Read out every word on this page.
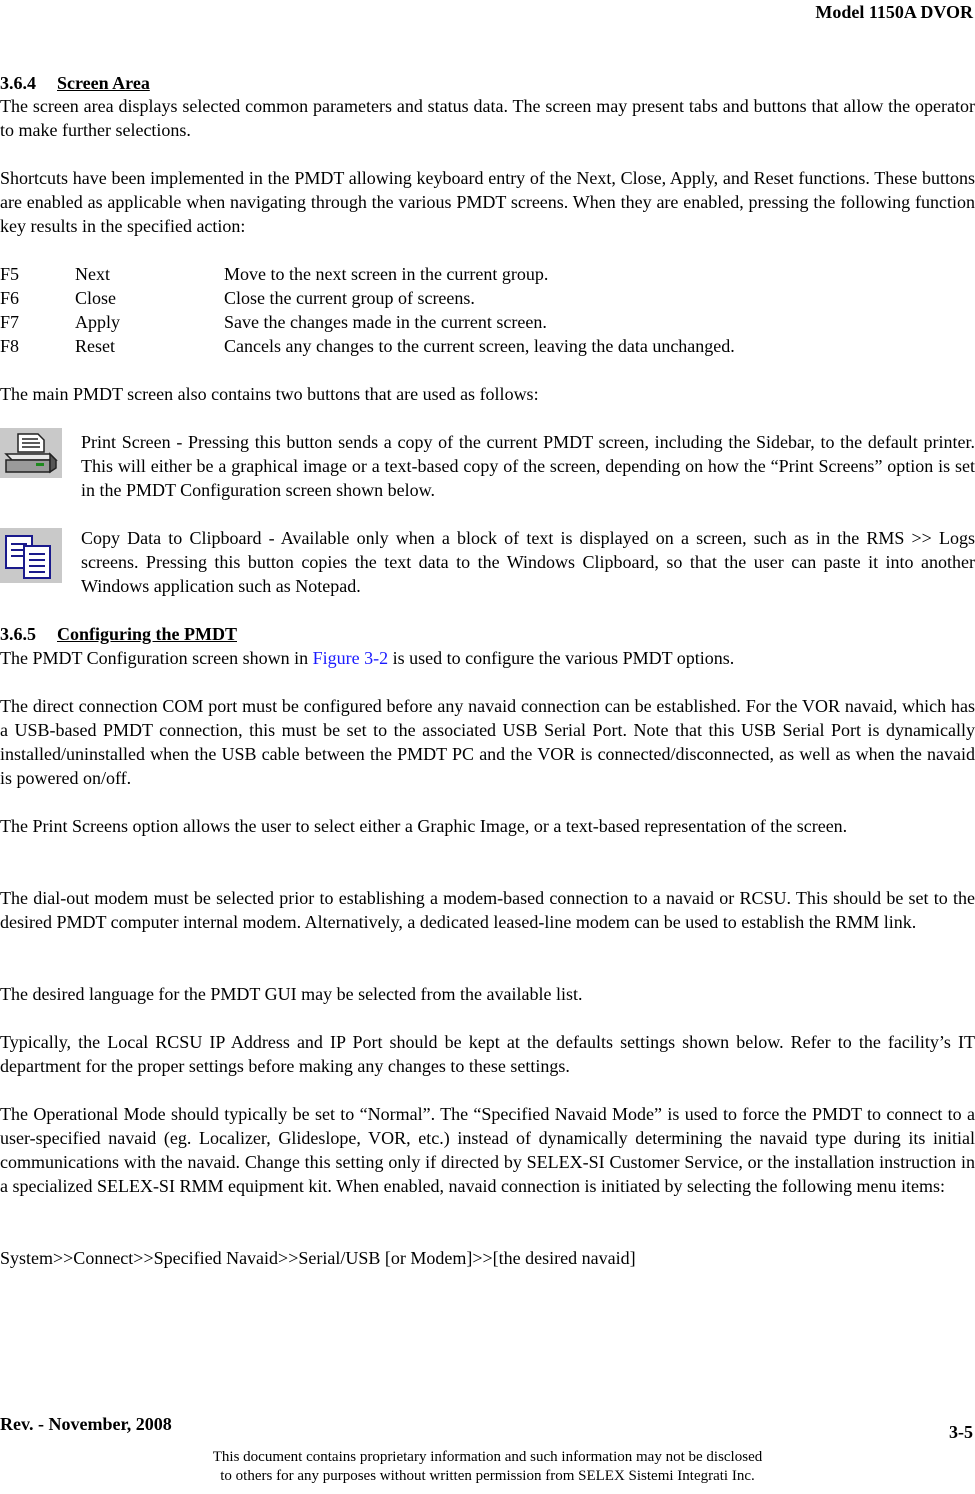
Model 1150A DVOR
3.6.4 Screen Area
The screen area displays selected common parameters and status data. The screen may present tabs and buttons that allow the operator to make further selections.
Shortcuts have been implemented in the PMDT allowing keyboard entry of the Next, Close, Apply, and Reset functions. These buttons are enabled as applicable when navigating through the various PMDT screens. When they are enabled, pressing the following function key results in the specified action:
F5	Next	Move to the next screen in the current group.
F6	Close	Close the current group of screens.
F7	Apply	Save the changes made in the current screen.
F8	Reset	Cancels any changes to the current screen, leaving the data unchanged.
The main PMDT screen also contains two buttons that are used as follows:
Print Screen - Pressing this button sends a copy of the current PMDT screen, including the Sidebar, to the default printer. This will either be a graphical image or a text-based copy of the screen, depending on how the “Print Screens” option is set in the PMDT Configuration screen shown below.
Copy Data to Clipboard - Available only when a block of text is displayed on a screen, such as in the RMS >> Logs screens. Pressing this button copies the text data to the Windows Clipboard, so that the user can paste it into another Windows application such as Notepad.
3.6.5 Configuring the PMDT
The PMDT Configuration screen shown in Figure 3-2 is used to configure the various PMDT options.
The direct connection COM port must be configured before any navaid connection can be established. For the VOR navaid, which has a USB-based PMDT connection, this must be set to the associated USB Serial Port. Note that this USB Serial Port is dynamically installed/uninstalled when the USB cable between the PMDT PC and the VOR is connected/disconnected, as well as when the navaid is powered on/off.
The Print Screens option allows the user to select either a Graphic Image, or a text-based representation of the screen.
The dial-out modem must be selected prior to establishing a modem-based connection to a navaid or RCSU. This should be set to the desired PMDT computer internal modem. Alternatively, a dedicated leased-line modem can be used to establish the RMM link.
The desired language for the PMDT GUI may be selected from the available list.
Typically, the Local RCSU IP Address and IP Port should be kept at the defaults settings shown below. Refer to the facility’s IT department for the proper settings before making any changes to these settings.
The Operational Mode should typically be set to “Normal”. The “Specified Navaid Mode” is used to force the PMDT to connect to a user-specified navaid (eg. Localizer, Glideslope, VOR, etc.) instead of dynamically determining the navaid type during its initial communications with the navaid. Change this setting only if directed by SELEX-SI Customer Service, or the installation instruction in a specialized SELEX-SI RMM equipment kit. When enabled, navaid connection is initiated by selecting the following menu items:
System>>Connect>>Specified Navaid>>Serial/USB [or Modem]>>[the desired navaid]
Rev. - November, 2008	3-5
This document contains proprietary information and such information may not be disclosed
to others for any purposes without written permission from SELEX Sistemi Integrati Inc.
